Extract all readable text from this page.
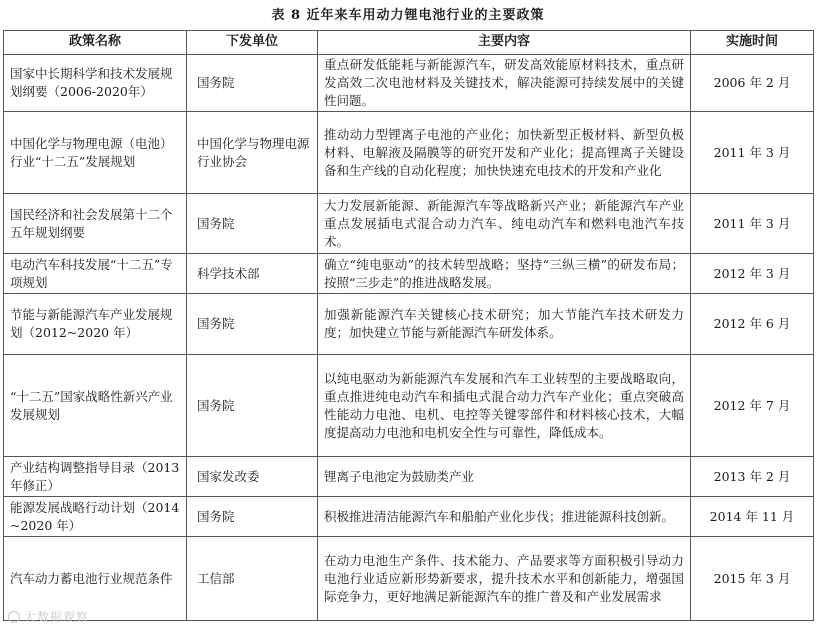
表 8 近年来车用动力锂电池行业的主要政策
政策名称	下发单位	主要内容	实施时间
国家中长期科学和技术发展规划纲要（2006-2020年）	国务院	重点研发低能耗与新能源汽车，研发高效能原材料技术，重点研发高效二次电池材料及关键技术，解决能源可持续发展中的关键性问题。	2006 年 2 月
中国化学与物理电源（电池）行业“十二五”发展规划	中国化学与物理电源行业协会	推动动力型锂离子电池的产业化；加快新型正极材料、新型负极材料、电解液及隔膜等的研究开发和产业化；提高锂离子关键设备和生产线的自动化程度；加快快速充电技术的开发和产业化	2011 年 3 月
国民经济和社会发展第十二个五年规划纲要	国务院	大力发展新能源、新能源汽车等战略新兴产业；新能源汽车产业重点发展插电式混合动力汽车、纯电动汽车和燃料电池汽车技术。	2011 年 3 月
电动汽车科技发展“十二五”专项规划	科学技术部	确立“纯电驱动”的技术转型战略；坚持“三纵三横”的研发布局；按照“三步走”的推进战略发展。	2012 年 3 月
节能与新能源汽车产业发展规划（2012~2020 年）	国务院	加强新能源汽车关键核心技术研究；加大节能汽车技术研发力度；加快建立节能与新能源汽车研发体系。	2012 年 6 月
“十二五”国家战略性新兴产业发展规划	国务院	以纯电驱动为新能源汽车发展和汽车工业转型的主要战略取向，重点推进纯电动汽车和插电式混合动力汽车产业化；重点突破高性能动力电池、电机、电控等关键零部件和材料核心技术，大幅度提高动力电池和电机安全性与可靠性，降低成本。	2012 年 7 月
产业结构调整指导目录（2013 年修正）	国家发改委	锂离子电池定为鼓励类产业	2013 年 2 月
能源发展战略行动计划（2014~2020 年）	国务院	积极推进清洁能源汽车和船舶产业化步伐；推进能源科技创新。	2014 年 11 月
汽车动力蓄电池行业规范条件	工信部	在动力电池生产条件、技术能力、产品要求等方面积极引导动力电池行业适应新形势新要求，提升技术水平和创新能力，增强国际竞争力，更好地满足新能源汽车的推广普及和产业发展需求	2015 年 3 月
大数据观察
